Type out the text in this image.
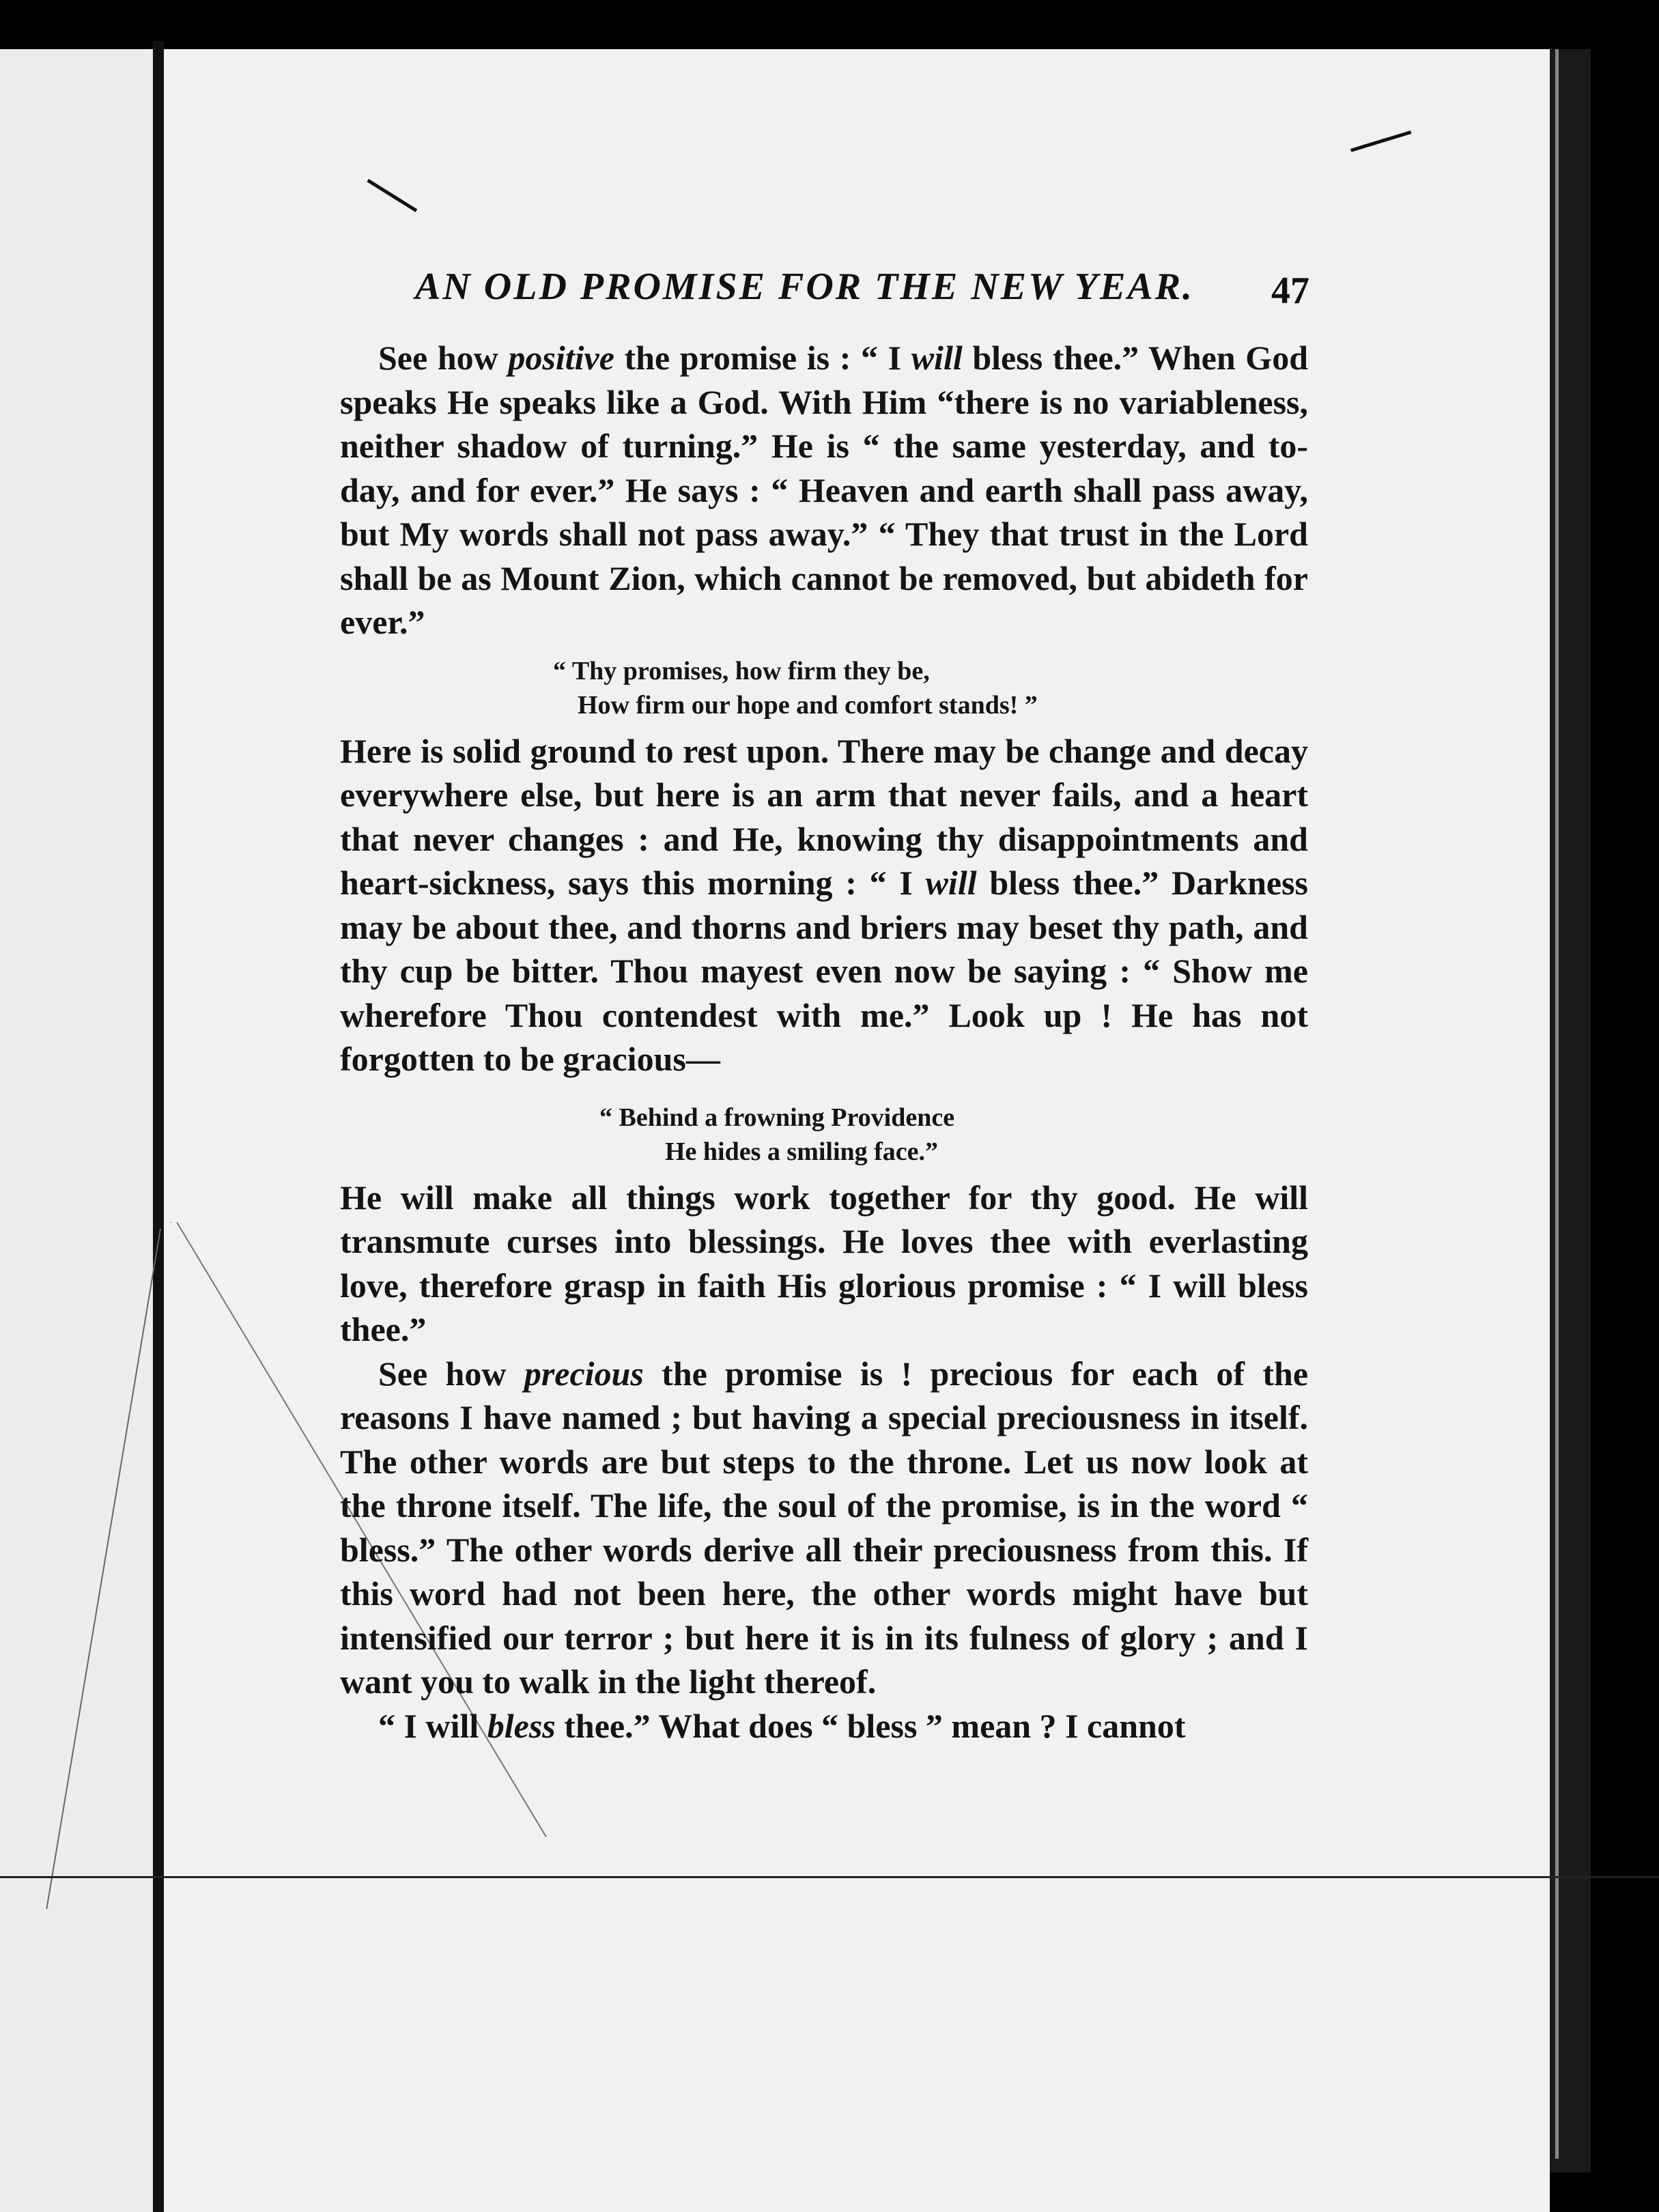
AN OLD PROMISE FOR THE NEW YEAR. 47

See how positive the promise is : “ I will bless thee.” When God speaks He speaks like a God. With Him “there is no variableness, neither shadow of turning.” He is “ the same yesterday, and to-day, and for ever.” He says : “ Heaven and earth shall pass away, but My words shall not pass away.” “ They that trust in the Lord shall be as Mount Zion, which cannot be removed, but abideth for ever.”

“ Thy promises, how firm they be,
How firm our hope and comfort stands! ”

Here is solid ground to rest upon. There may be change and decay everywhere else, but here is an arm that never fails, and a heart that never changes : and He, knowing thy disappointments and heart-sickness, says this morning : “ I will bless thee.” Darkness may be about thee, and thorns and briers may beset thy path, and thy cup be bitter. Thou mayest even now be saying : “ Show me wherefore Thou contendest with me.” Look up ! He has not forgotten to be gracious—

“ Behind a frowning Providence
He hides a smiling face.”

He will make all things work together for thy good. He will transmute curses into blessings. He loves thee with everlasting love, therefore grasp in faith His glorious promise : “ I will bless thee.”

See how precious the promise is ! precious for each of the reasons I have named ; but having a special preciousness in itself. The other words are but steps to the throne. Let us now look at the throne itself. The life, the soul of the promise, is in the word “ bless.” The other words derive all their preciousness from this. If this word had not been here, the other words might have but intensified our terror ; but here it is in its fulness of glory ; and I want you to walk in the light thereof.

“ I will bless thee.” What does “ bless ” mean ? I cannot
